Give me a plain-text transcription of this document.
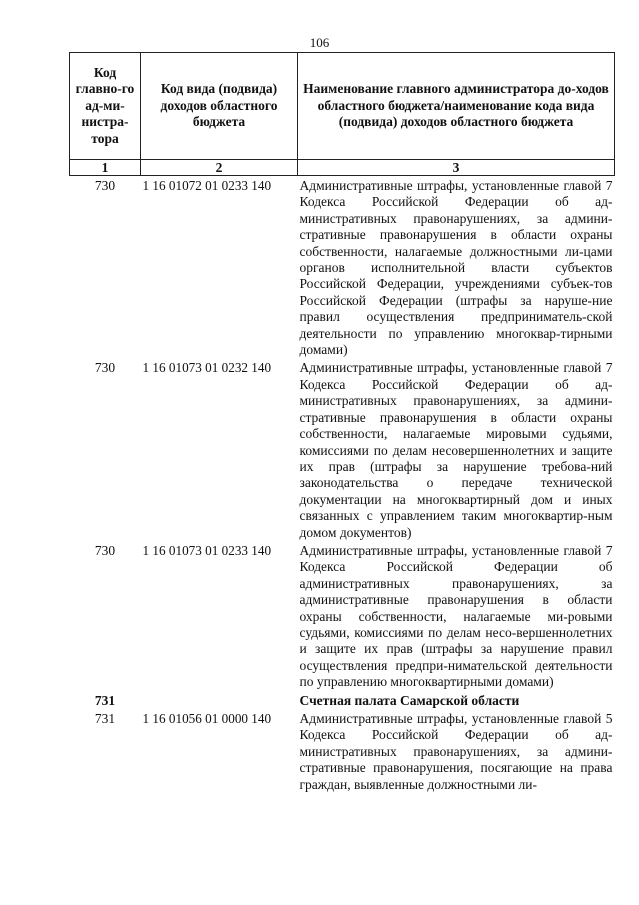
106
Код главно-го ад-ми-нистра-тора	Код вида (подвида) доходов областного бюджета	Наименование главного администратора до-ходов областного бюджета/наименование кода вида (подвида) доходов областного бюджета
1	2	3
730	1 16 01072 01 0233 140	Административные штрафы, установленные главой 7 Кодекса Российской Федерации об ад-министративных правонарушениях, за админи-стративные правонарушения в области охраны собственности, налагаемые должностными ли-цами органов исполнительной власти субъектов Российской Федерации, учреждениями субъек-тов Российской Федерации (штрафы за наруше-ние правил осуществления предприниматель-ской деятельности по управлению многоквар-тирными домами)
730	1 16 01073 01 0232 140	Административные штрафы, установленные главой 7 Кодекса Российской Федерации об ад-министративных правонарушениях, за админи-стративные правонарушения в области охраны собственности, налагаемые мировыми судьями, комиссиями по делам несовершеннолетних и защите их прав (штрафы за нарушение требова-ний законодательства о передаче технической документации на многоквартирный дом и иных связанных с управлением таким многоквартир-ным домом документов)
730	1 16 01073 01 0233 140	Административные штрафы, установленные главой 7 Кодекса Российской Федерации об административных правонарушениях, за административные правонарушения в области охраны собственности, налагаемые ми-ровыми судьями, комиссиями по делам несо-вершеннолетних и защите их прав (штрафы за нарушение правил осуществления предпри-нимательской деятельности по управлению многоквартирными домами)
731		Счетная палата Самарской области
731	1 16 01056 01 0000 140	Административные штрафы, установленные главой 5 Кодекса Российской Федерации об ад-министративных правонарушениях, за админи-стративные правонарушения, посягающие на права граждан, выявленные должностными ли-
